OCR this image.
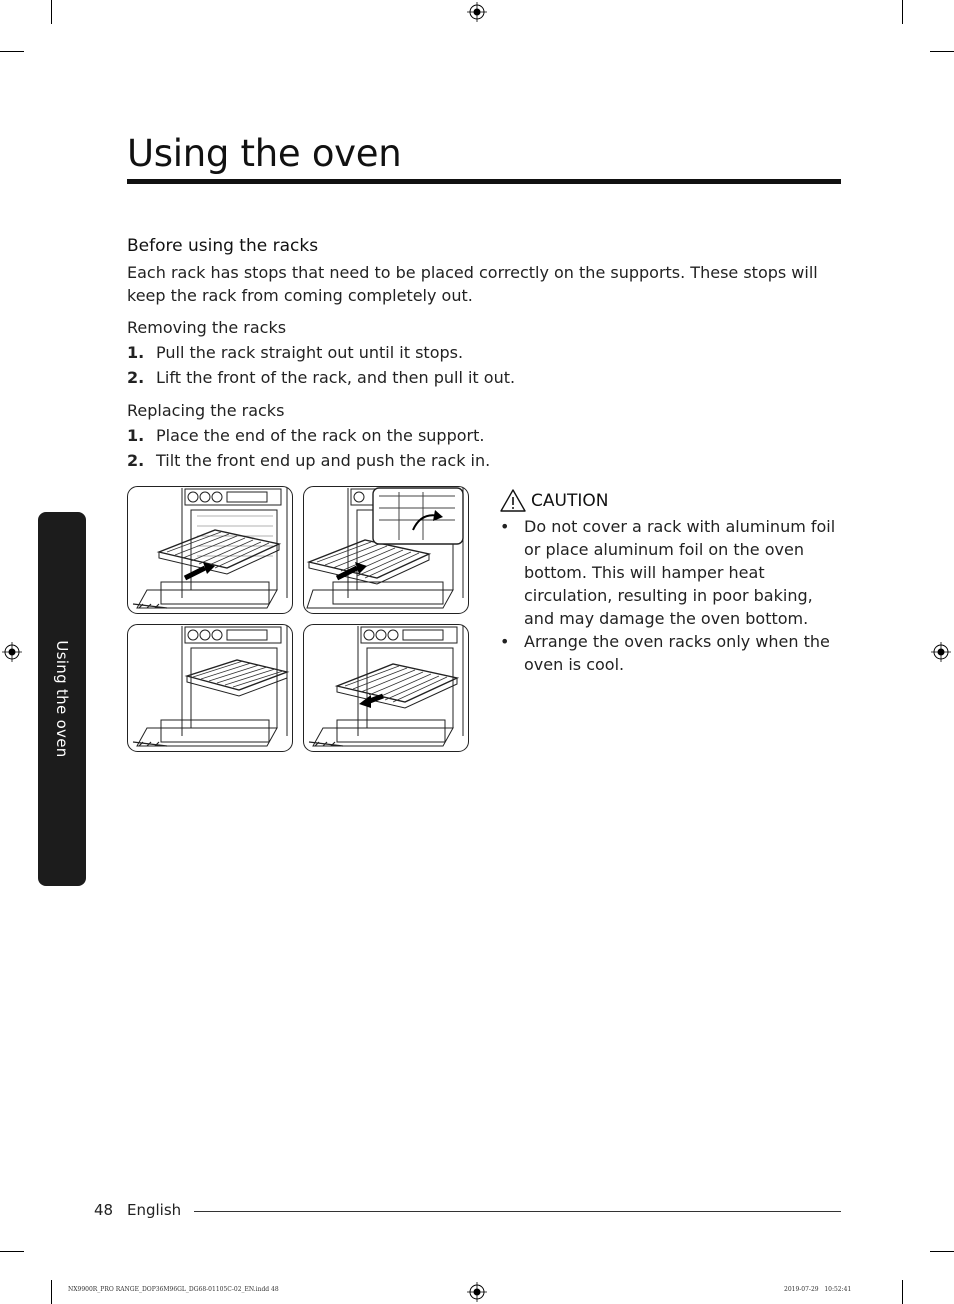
Using the oven
Using the oven
Before using the racks

Each rack has stops that need to be placed correctly on the supports. These stops will keep the rack from coming completely out.

Removing the racks
1. Pull the rack straight out until it stops.
2. Lift the front of the rack, and then pull it out.
Replacing the racks
1. Place the end of the rack on the support.
2. Tilt the front end up and push the rack in.
CAUTION
• Do not cover a rack with aluminum foil or place aluminum foil on the oven bottom. This will hamper heat circulation, resulting in poor baking, and may damage the oven bottom.
• Arrange the oven racks only when the oven is cool.
48 English
NX9900R_PRO RANGE_DOP36M96GL_DG68-01105C-02_EN.indd 48	2019-07-29   10:52:41
